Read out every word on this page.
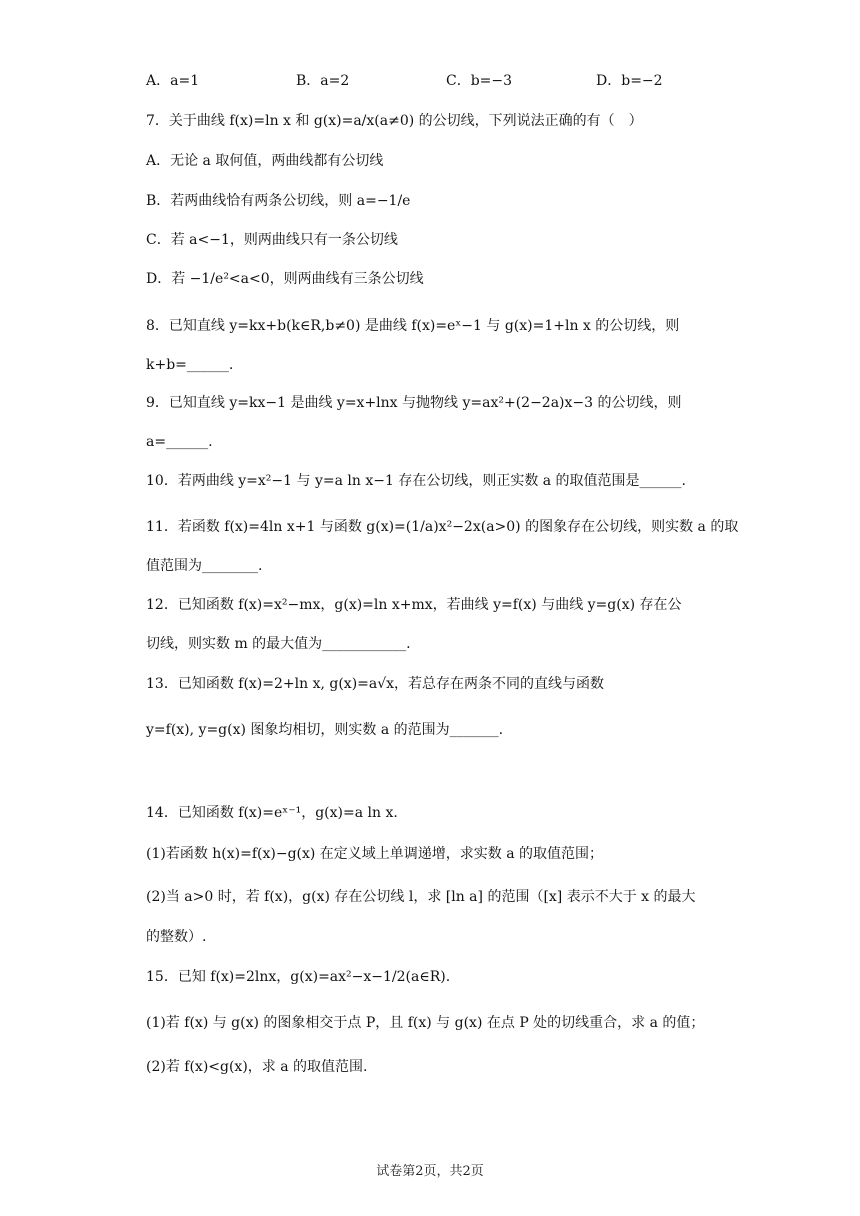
A．a=1	B．a=2	C．b=−3	D．b=−2
7．关于曲线 f(x)=ln x 和 g(x)=a/x(a≠0) 的公切线，下列说法正确的有（　）
A．无论 a 取何值，两曲线都有公切线
B．若两曲线恰有两条公切线，则 a=−1/e
C．若 a<−1，则两曲线只有一条公切线
D．若 −1/e²<a<0，则两曲线有三条公切线
8．已知直线 y=kx+b(k∈R,b≠0) 是曲线 f(x)=eˣ−1 与 g(x)=1+ln x 的公切线，则
k+b=______.
9．已知直线 y=kx−1 是曲线 y=x+lnx 与抛物线 y=ax²+(2−2a)x−3 的公切线，则
a=______.
10．若两曲线 y=x²−1 与 y=a ln x−1 存在公切线，则正实数 a 的取值范围是______.
11．若函数 f(x)=4ln x+1 与函数 g(x)=(1/a)x²−2x(a>0) 的图象存在公切线，则实数 a 的取
值范围为________.
12．已知函数 f(x)=x²−mx，g(x)=ln x+mx，若曲线 y=f(x) 与曲线 y=g(x) 存在公
切线，则实数 m 的最大值为____________.
13．已知函数 f(x)=2+ln x, g(x)=a√x，若总存在两条不同的直线与函数
y=f(x), y=g(x) 图象均相切，则实数 a 的范围为_______.
14．已知函数 f(x)=eˣ⁻¹，g(x)=a ln x.
(1)若函数 h(x)=f(x)−g(x) 在定义域上单调递增，求实数 a 的取值范围；
(2)当 a>0 时，若 f(x)，g(x) 存在公切线 l，求 [ln a] 的范围（[x] 表示不大于 x 的最大
的整数）.
15．已知 f(x)=2lnx，g(x)=ax²−x−1/2(a∈R).
(1)若 f(x) 与 g(x) 的图象相交于点 P，且 f(x) 与 g(x) 在点 P 处的切线重合，求 a 的值；
(2)若 f(x)<g(x)，求 a 的取值范围.
试卷第2页，共2页
